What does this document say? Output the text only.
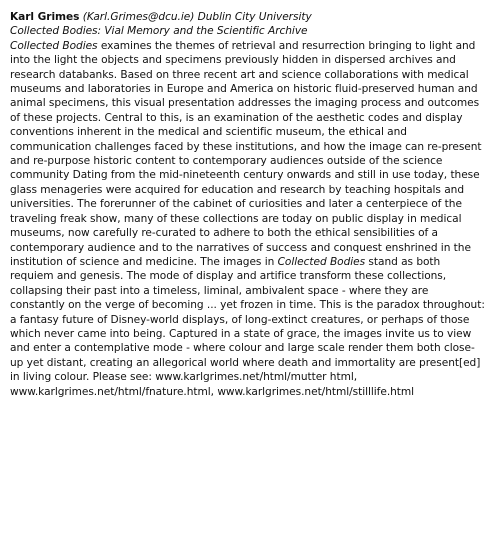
Karl Grimes (Karl.Grimes@dcu.ie) Dublin City University
Collected Bodies: Vial Memory and the Scientific Archive

Collected Bodies examines the themes of retrieval and resurrection bringing to light and into the light the objects and specimens previously hidden in dispersed archives and research databanks. Based on three recent art and science collaborations with medical museums and laboratories in Europe and America on historic fluid-preserved human and animal specimens, this visual presentation addresses the imaging process and outcomes of these projects. Central to this, is an examination of the aesthetic codes and display conventions inherent in the medical and scientific museum, the ethical and communication challenges faced by these institutions, and how the image can re-present and re-purpose historic content to contemporary audiences outside of the science community Dating from the mid-nineteenth century onwards and still in use today, these glass menageries were acquired for education and research by teaching hospitals and universities. The forerunner of the cabinet of curiosities and later a centerpiece of the traveling freak show, many of these collections are today on public display in medical museums, now carefully re-curated to adhere to both the ethical sensibilities of a contemporary audience and to the narratives of success and conquest enshrined in the institution of science and medicine. The images in Collected Bodies stand as both requiem and genesis. The mode of display and artifice transform these collections, collapsing their past into a timeless, liminal, ambivalent space - where they are constantly on the verge of becoming ... yet frozen in time. This is the paradox throughout: a fantasy future of Disney-world displays, of long-extinct creatures, or perhaps of those which never came into being. Captured in a state of grace, the images invite us to view and enter a contemplative mode - where colour and large scale render them both close-up yet distant, creating an allegorical world where death and immortality are present[ed] in living colour. Please see: www.karlgrimes.net/html/mutter html, www.karlgrimes.net/html/fnature.html, www.karlgrimes.net/html/stilllife.html
